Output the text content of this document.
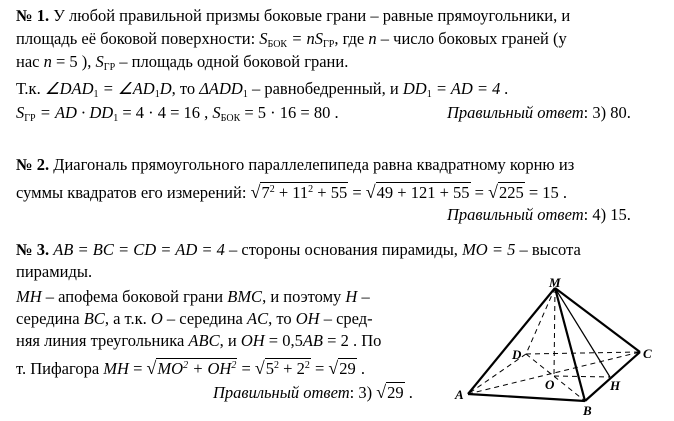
№ 1. У любой правильной призмы боковые грани – равные прямоугольники, и
площадь её боковой поверхности: $S_{БОК} = nS_{ГР}$, где n – число боковых граней (у
нас n = 5 ), $S_{ГР}$ – площадь одной боковой грани.
Т.к. $\angle DAD_1$ = $\angle AD_1D$, то $\Delta ADD_1$ – равнобедренный, и $DD_1$ = AD = 4 .
$S_{ГР}$ = AD · $DD_1 = 4 \cdot 4 = 16$ , $S_{БОК} = 5 \cdot 16 = 80$ .	Правильный ответ: 3) 80.
№ 2. Диагональ прямоугольного параллелепипеда равна квадратному корню из
суммы квадратов его измерений: $√7^2 + 11^2 + 55 = √49 + 121 + 55 = √225 = 15$ .
Правильный ответ: 4) 15.
№ 3. AB = BC = CD = AD = 4 – стороны основания пирамиды, MO = 5 – высота
пирамиды.
MH – апофема боковой грани BMC, и поэтому H –
середина BC, а т.к. O – середина AC, то OH – сред-
няя линия треугольника ABC, и OH = 0,5AB = 2 . По
т. Пифагора MH = $√MO^2 + OH^2 = √5^2 + 2^2 = √29$ .
Правильный ответ: 3) √29 .
M
D	C
O	H
A
B
